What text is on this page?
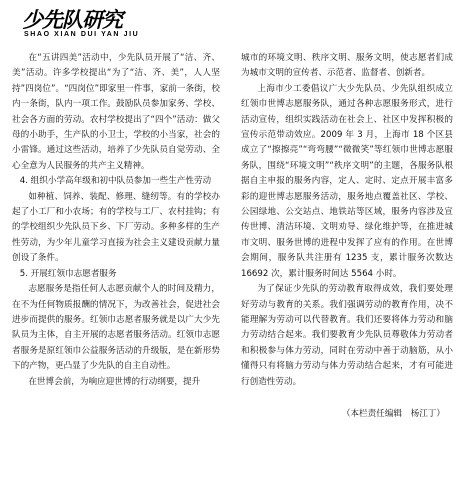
少先队研究
SHAO XIAN DUI YAN JIU

在“五讲四美”活动中，少先队员开展了“洁、齐、美”活动。许多学校提出“为了“洁、齐、美”，人人坚持”四岗位”。“四岗位”即家里一件事，家前一条街，校内一条街，队内一项工作。鼓励队员参加家务、学校、社会各方面的劳动。农村学校提出了“四个”活动：做父母的小助手，生产队的小卫士，学校的小当家，社会的小雷锋。通过这些活动，培养了少先队员自觉劳动、全心全意为人民服务的共产主义精神。

4. 组织小学高年级和初中队员参加一些生产性劳动

如种植、饲养、装配、修理、缝纫等。有的学校办起了小工厂和小农场；有的学校与工厂、农村挂钩；有的学校组织少先队员下乡、下厂劳动。多种多样的生产性劳动，为少年儿童学习直接为社会主义建设贡献力量创设了条件。

5. 开展红领巾志愿者服务

志愿服务是指任何人志愿贡献个人的时间及精力，在不为任何物质报酬的情况下，为改善社会，促进社会进步而提供的服务。红领巾志愿者服务就是以广大少先队员为主体，自主开展的志愿者服务活动。红领巾志愿者服务是原红领巾公益服务活动的升级版，是在新形势下的产物，更凸显了少先队的自主自动性。

在世博会前，为响应迎世博的行动纲要，提升

城市的环境文明、秩序文明、服务文明，使志愿者们成为城市文明的宣传者、示范者、监督者、创新者。

上海市少工委倡议广大少先队员、少先队组织成立红领巾世博志愿服务队，通过各种志愿服务形式，进行活动宣传，组织实践活动在社会上、社区中发挥积极的宣传示范带动效应。2009 年 3 月，上海市 18 个区县成立了“擦擦亮”“弯弯腰”“微微笑”等红领巾世博志愿服务队，围绕“环境文明”“秩序文明”的主题，各服务队根据自主申报的服务内容，定人、定时、定点开展丰富多彩的迎世博志愿服务活动，服务地点覆盖社区、学校、公园绿地、公交站点、地铁站等区域，服务内容涉及宣传世博、清洁环境、文明劝导、绿化维护等，在推进城市文明、服务世博的进程中发挥了应有的作用。在世博会期间，服务队共注册有 1235 支，累计服务次数达 16692 次，累计服务时间达 5564 小时。

为了保证少先队的劳动教育取得成效，我们要处理好劳动与教育的关系。我们强调劳动的教育作用，决不能理解为劳动可以代替教育。我们还要将体力劳动和脑力劳动结合起来。我们要教育少先队员尊敬体力劳动者和积极参与体力劳动，同时在劳动中善于动脑筋，从小懂得只有将脑力劳动与体力劳动结合起来，才有可能进行创造性劳动。

（本栏责任编辑　杨江丁）
